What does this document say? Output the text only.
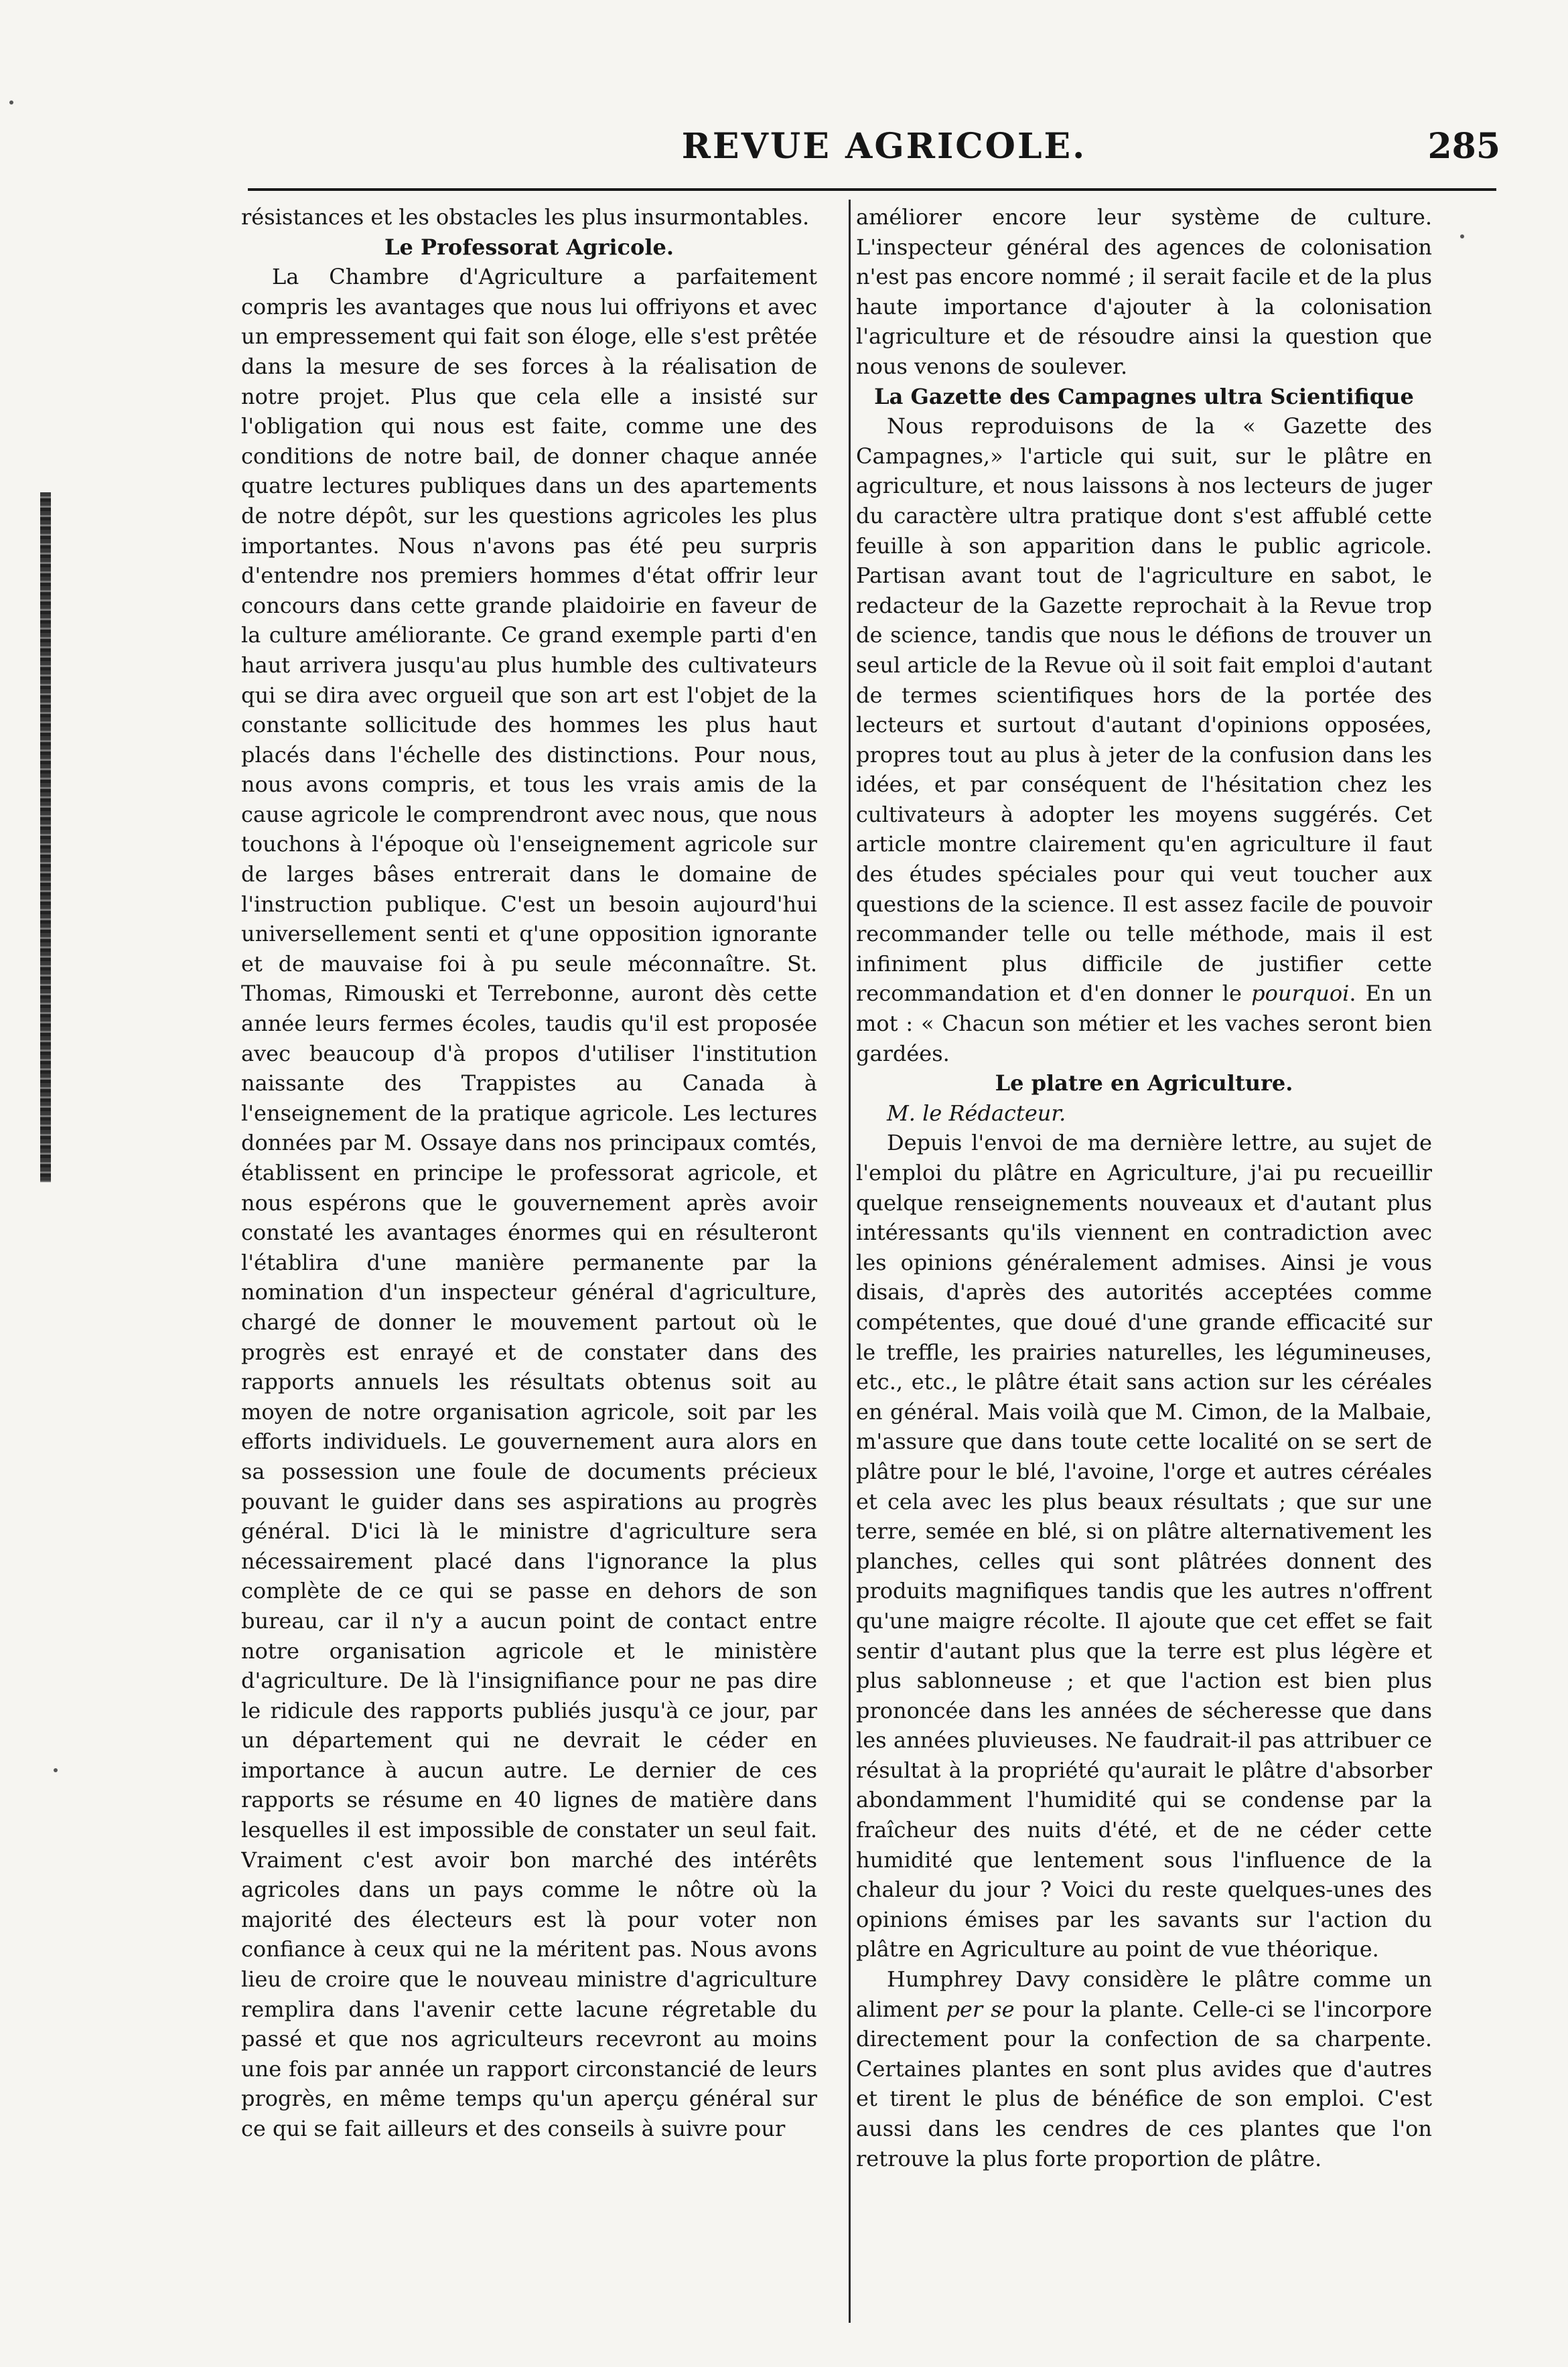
REVUE AGRICOLE.	285

résistances et les obstacles les plus insurmontables.

Le Professorat Agricole.

La Chambre d'Agriculture a parfaitement compris les avantages que nous lui offriyons et avec un empressement qui fait son éloge, elle s'est prêtée dans la mesure de ses forces à la réalisation de notre projet. Plus que cela elle a insisté sur l'obligation qui nous est faite, comme une des conditions de notre bail, de donner chaque année quatre lectures publiques dans un des apartements de notre dépôt, sur les questions agricoles les plus importantes. Nous n'avons pas été peu surpris d'entendre nos premiers hommes d'état offrir leur concours dans cette grande plaidoirie en faveur de la culture améliorante. Ce grand exemple parti d'en haut arrivera jusqu'au plus humble des cultivateurs qui se dira avec orgueil que son art est l'objet de la constante sollicitude des hommes les plus haut placés dans l'échelle des distinctions. Pour nous, nous avons compris, et tous les vrais amis de la cause agricole le comprendront avec nous, que nous touchons à l'époque où l'enseignement agricole sur de larges bâses entrerait dans le domaine de l'instruction publique. C'est un besoin aujourd'hui universellement senti et q'une opposition ignorante et de mauvaise foi à pu seule méconnaître. St. Thomas, Rimouski et Terrebonne, auront dès cette année leurs fermes écoles, taudis qu'il est proposée avec beaucoup d'à propos d'utiliser l'institution naissante des Trappistes au Canada à l'enseignement de la pratique agricole. Les lectures données par M. Ossaye dans nos principaux comtés, établissent en principe le professorat agricole, et nous espérons que le gouvernement après avoir constaté les avantages énormes qui en résulteront l'établira d'une manière permanente par la nomination d'un inspecteur général d'agriculture, chargé de donner le mouvement partout où le progrès est enrayé et de constater dans des rapports annuels les résultats obtenus soit au moyen de notre organisation agricole, soit par les efforts individuels. Le gouvernement aura alors en sa possession une foule de documents précieux pouvant le guider dans ses aspirations au progrès général. D'ici là le ministre d'agriculture sera nécessairement placé dans l'ignorance la plus complète de ce qui se passe en dehors de son bureau, car il n'y a aucun point de contact entre notre organisation agricole et le ministère d'agriculture. De là l'insignifiance pour ne pas dire le ridicule des rapports publiés jusqu'à ce jour, par un département qui ne devrait le céder en importance à aucun autre. Le dernier de ces rapports se résume en 40 lignes de matière dans lesquelles il est impossible de constater un seul fait. Vraiment c'est avoir bon marché des intérêts agricoles dans un pays comme le nôtre où la majorité des électeurs est là pour voter non confiance à ceux qui ne la méritent pas. Nous avons lieu de croire que le nouveau ministre d'agriculture remplira dans l'avenir cette lacune régretable du passé et que nos agriculteurs recevront au moins une fois par année un rapport circonstancié de leurs progrès, en même temps qu'un aperçu général sur ce qui se fait ailleurs et des conseils à suivre pour

améliorer encore leur système de culture. L'inspecteur général des agences de colonisation n'est pas encore nommé ; il serait facile et de la plus haute importance d'ajouter à la colonisation l'agriculture et de résoudre ainsi la question que nous venons de soulever.

La Gazette des Campagnes ultra Scientifique

Nous reproduisons de la « Gazette des Campagnes,» l'article qui suit, sur le plâtre en agriculture, et nous laissons à nos lecteurs de juger du caractère ultra pratique dont s'est affublé cette feuille à son apparition dans le public agricole. Partisan avant tout de l'agriculture en sabot, le redacteur de la Gazette reprochait à la Revue trop de science, tandis que nous le défions de trouver un seul article de la Revue où il soit fait emploi d'autant de termes scientifiques hors de la portée des lecteurs et surtout d'autant d'opinions opposées, propres tout au plus à jeter de la confusion dans les idées, et par conséquent de l'hésitation chez les cultivateurs à adopter les moyens suggérés. Cet article montre clairement qu'en agriculture il faut des études spéciales pour qui veut toucher aux questions de la science. Il est assez facile de pouvoir recommander telle ou telle méthode, mais il est infiniment plus difficile de justifier cette recommandation et d'en donner le pourquoi. En un mot : « Chacun son métier et les vaches seront bien gardées.

Le platre en Agriculture.

M. le Rédacteur.

Depuis l'envoi de ma dernière lettre, au sujet de l'emploi du plâtre en Agriculture, j'ai pu recueillir quelque renseignements nouveaux et d'autant plus intéressants qu'ils viennent en contradiction avec les opinions généralement admises. Ainsi je vous disais, d'après des autorités acceptées comme compétentes, que doué d'une grande efficacité sur le treffle, les prairies naturelles, les légumineuses, etc., etc., le plâtre était sans action sur les céréales en général. Mais voilà que M. Cimon, de la Malbaie, m'assure que dans toute cette localité on se sert de plâtre pour le blé, l'avoine, l'orge et autres céréales et cela avec les plus beaux résultats ; que sur une terre, semée en blé, si on plâtre alternativement les planches, celles qui sont plâtrées donnent des produits magnifiques tandis que les autres n'offrent qu'une maigre récolte. Il ajoute que cet effet se fait sentir d'autant plus que la terre est plus légère et plus sablonneuse ; et que l'action est bien plus prononcée dans les années de sécheresse que dans les années pluvieuses. Ne faudrait-il pas attribuer ce résultat à la propriété qu'aurait le plâtre d'absorber abondamment l'humidité qui se condense par la fraîcheur des nuits d'été, et de ne céder cette humidité que lentement sous l'influence de la chaleur du jour ? Voici du reste quelques-unes des opinions émises par les savants sur l'action du plâtre en Agriculture au point de vue théorique.

Humphrey Davy considère le plâtre comme un aliment per se pour la plante. Celle-ci se l'incorpore directement pour la confection de sa charpente. Certaines plantes en sont plus avides que d'autres et tirent le plus de bénéfice de son emploi. C'est aussi dans les cendres de ces plantes que l'on retrouve la plus forte proportion de plâtre.
